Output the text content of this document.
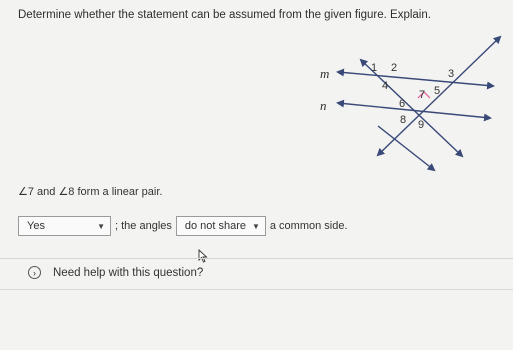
Determine whether the statement can be assumed from the given figure. Explain.
m
n
1 2	3
4	5
7
6
8 9
∠7 and ∠8 form a linear pair.
Yes	▼ ; the angles do not share ▼ a common side.
›	Need help with this question?
